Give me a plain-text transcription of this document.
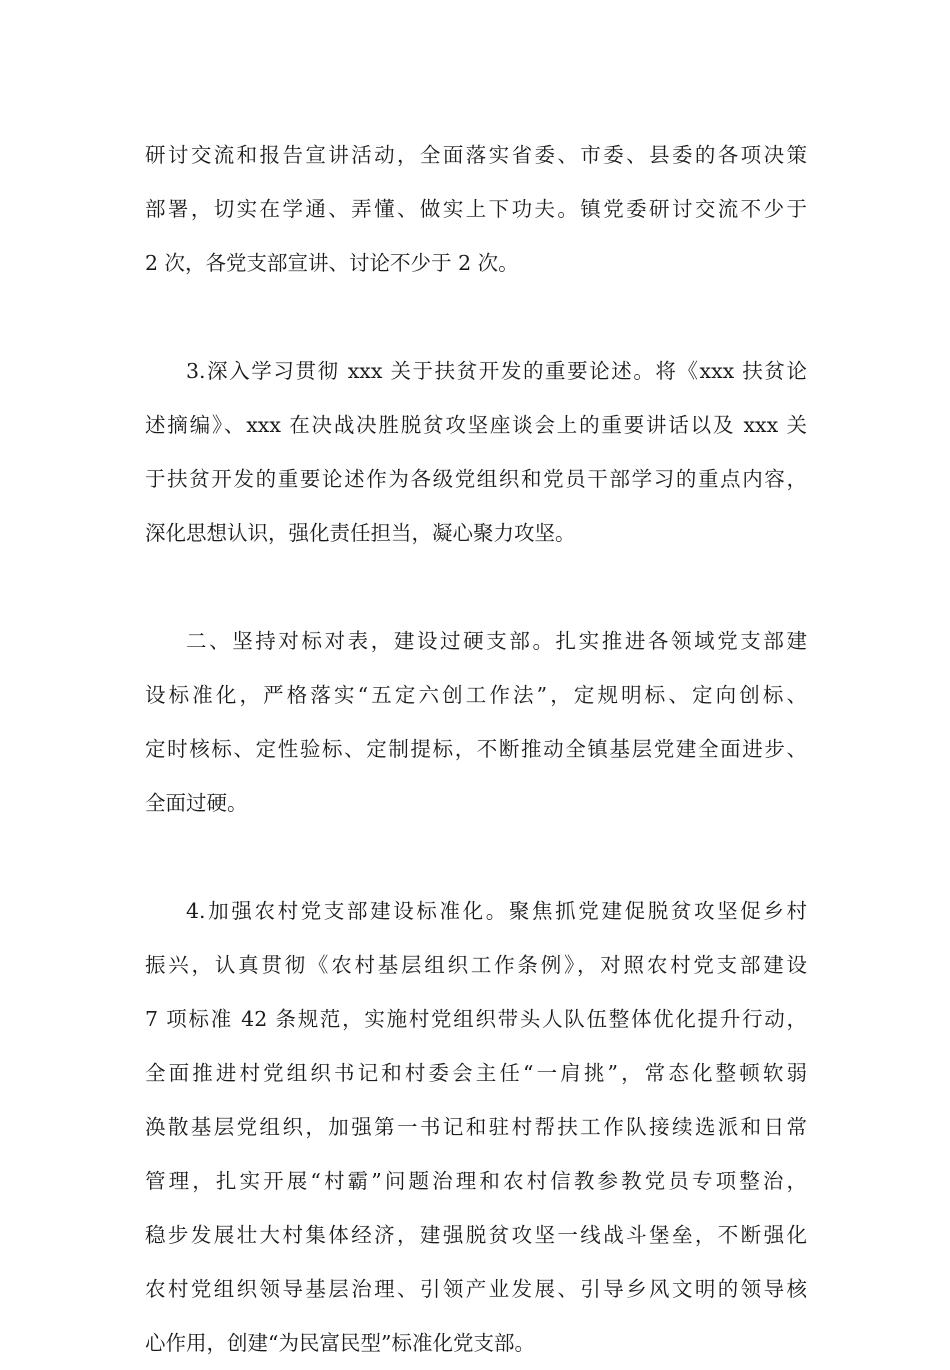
研讨交流和报告宣讲活动，全面落实省委、市委、县委的各项决策
部署，切实在学通、弄懂、做实上下功夫。镇党委研讨交流不少于
2 次，各党支部宣讲、讨论不少于 2 次。
3.深入学习贯彻 xxx 关于扶贫开发的重要论述。将《xxx 扶贫论
述摘编》、xxx 在决战决胜脱贫攻坚座谈会上的重要讲话以及 xxx 关
于扶贫开发的重要论述作为各级党组织和党员干部学习的重点内容，
深化思想认识，强化责任担当，凝心聚力攻坚。
二、坚持对标对表，建设过硬支部。扎实推进各领域党支部建
设标准化，严格落实“五定六创工作法”，定规明标、定向创标、
定时核标、定性验标、定制提标，不断推动全镇基层党建全面进步、
全面过硬。
4.加强农村党支部建设标准化。聚焦抓党建促脱贫攻坚促乡村
振兴，认真贯彻《农村基层组织工作条例》，对照农村党支部建设
7 项标准 42 条规范，实施村党组织带头人队伍整体优化提升行动，
全面推进村党组织书记和村委会主任“一肩挑”，常态化整顿软弱
涣散基层党组织，加强第一书记和驻村帮扶工作队接续选派和日常
管理，扎实开展“村霸”问题治理和农村信教参教党员专项整治，
稳步发展壮大村集体经济，建强脱贫攻坚一线战斗堡垒，不断强化
农村党组织领导基层治理、引领产业发展、引导乡风文明的领导核
心作用，创建“为民富民型”标准化党支部。
